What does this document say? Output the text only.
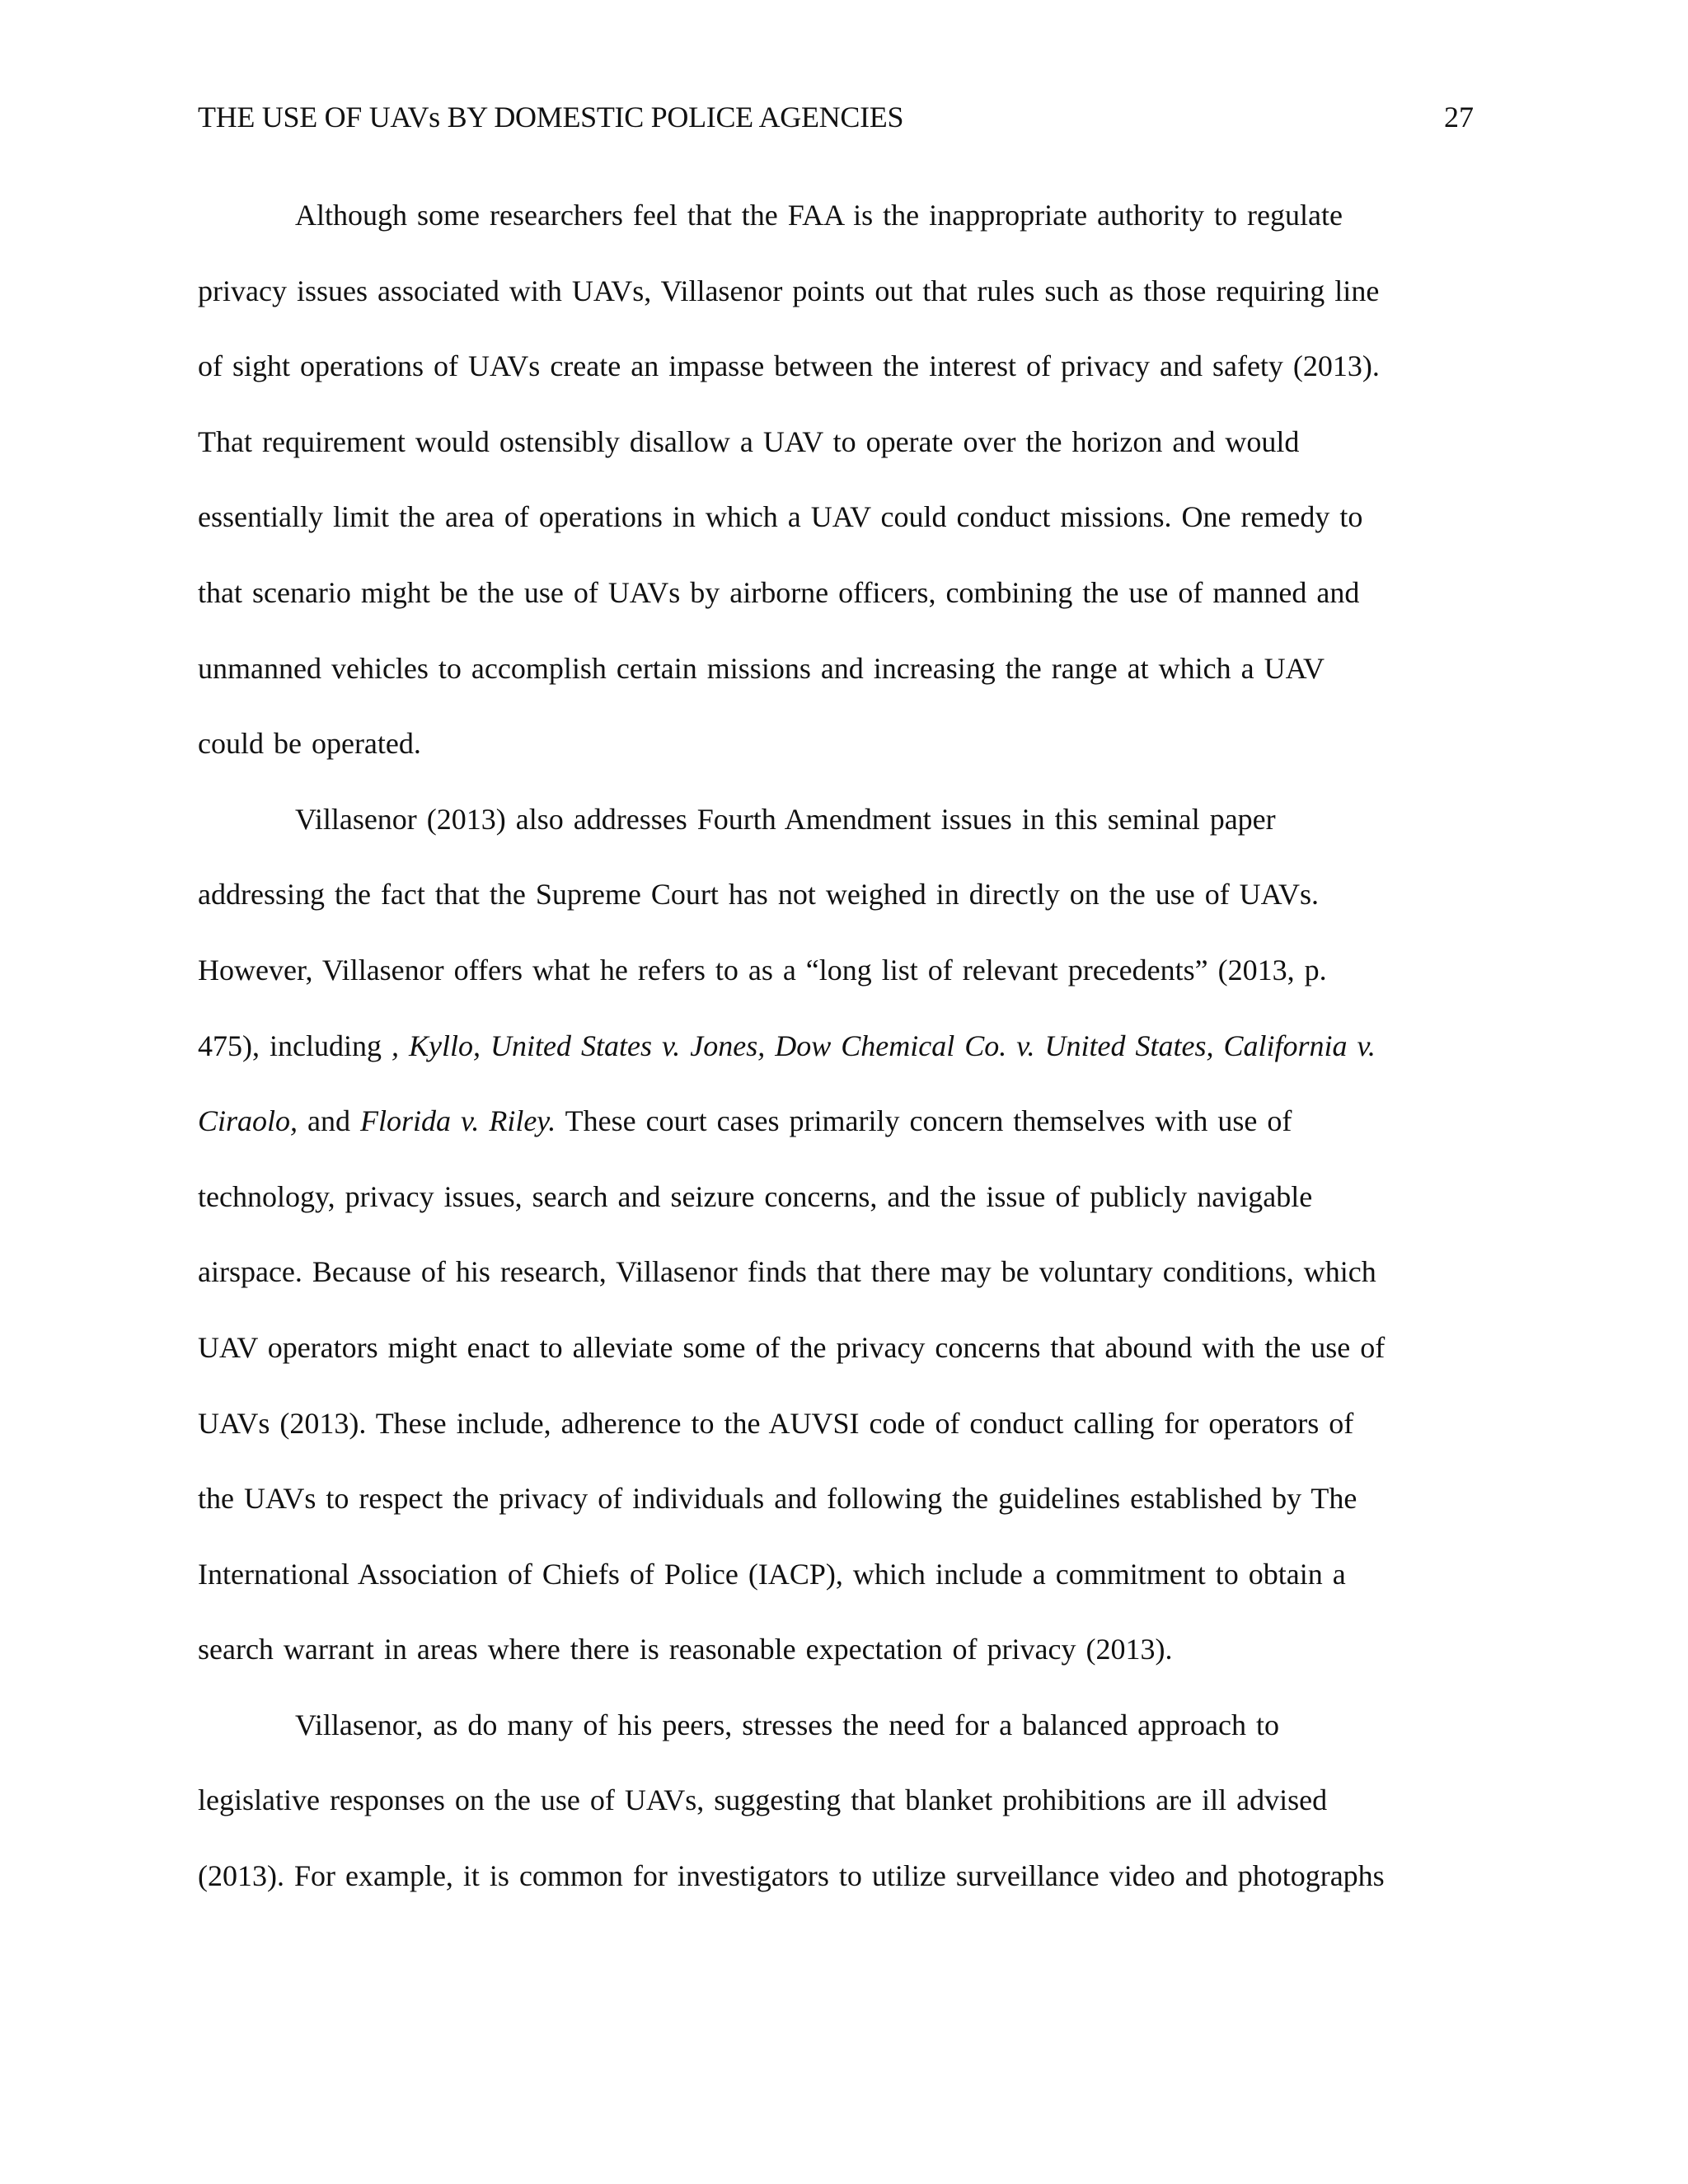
THE USE OF UAVs BY DOMESTIC POLICE AGENCIES	27
Although some researchers feel that the FAA is the inappropriate authority to regulate
privacy issues associated with UAVs, Villasenor points out that rules such as those requiring line
of sight operations of UAVs create an impasse between the interest of privacy and safety (2013).
That requirement would ostensibly disallow a UAV to operate over the horizon and would
essentially limit the area of operations in which a UAV could conduct missions. One remedy to
that scenario might be the use of UAVs by airborne officers, combining the use of manned and
unmanned vehicles to accomplish certain missions and increasing the range at which a UAV
could be operated.
Villasenor (2013) also addresses Fourth Amendment issues in this seminal paper
addressing the fact that the Supreme Court has not weighed in directly on the use of UAVs.
However, Villasenor offers what he refers to as a “long list of relevant precedents” (2013, p.
475), including , Kyllo, United States v. Jones, Dow Chemical Co. v. United States, California v.
Ciraolo, and Florida v. Riley. These court cases primarily concern themselves with use of
technology, privacy issues, search and seizure concerns, and the issue of publicly navigable
airspace. Because of his research, Villasenor finds that there may be voluntary conditions, which
UAV operators might enact to alleviate some of the privacy concerns that abound with the use of
UAVs (2013). These include, adherence to the AUVSI code of conduct calling for operators of
the UAVs to respect the privacy of individuals and following the guidelines established by The
International Association of Chiefs of Police (IACP), which include a commitment to obtain a
search warrant in areas where there is reasonable expectation of privacy (2013).
Villasenor, as do many of his peers, stresses the need for a balanced approach to
legislative responses on the use of UAVs, suggesting that blanket prohibitions are ill advised
(2013). For example, it is common for investigators to utilize surveillance video and photographs
